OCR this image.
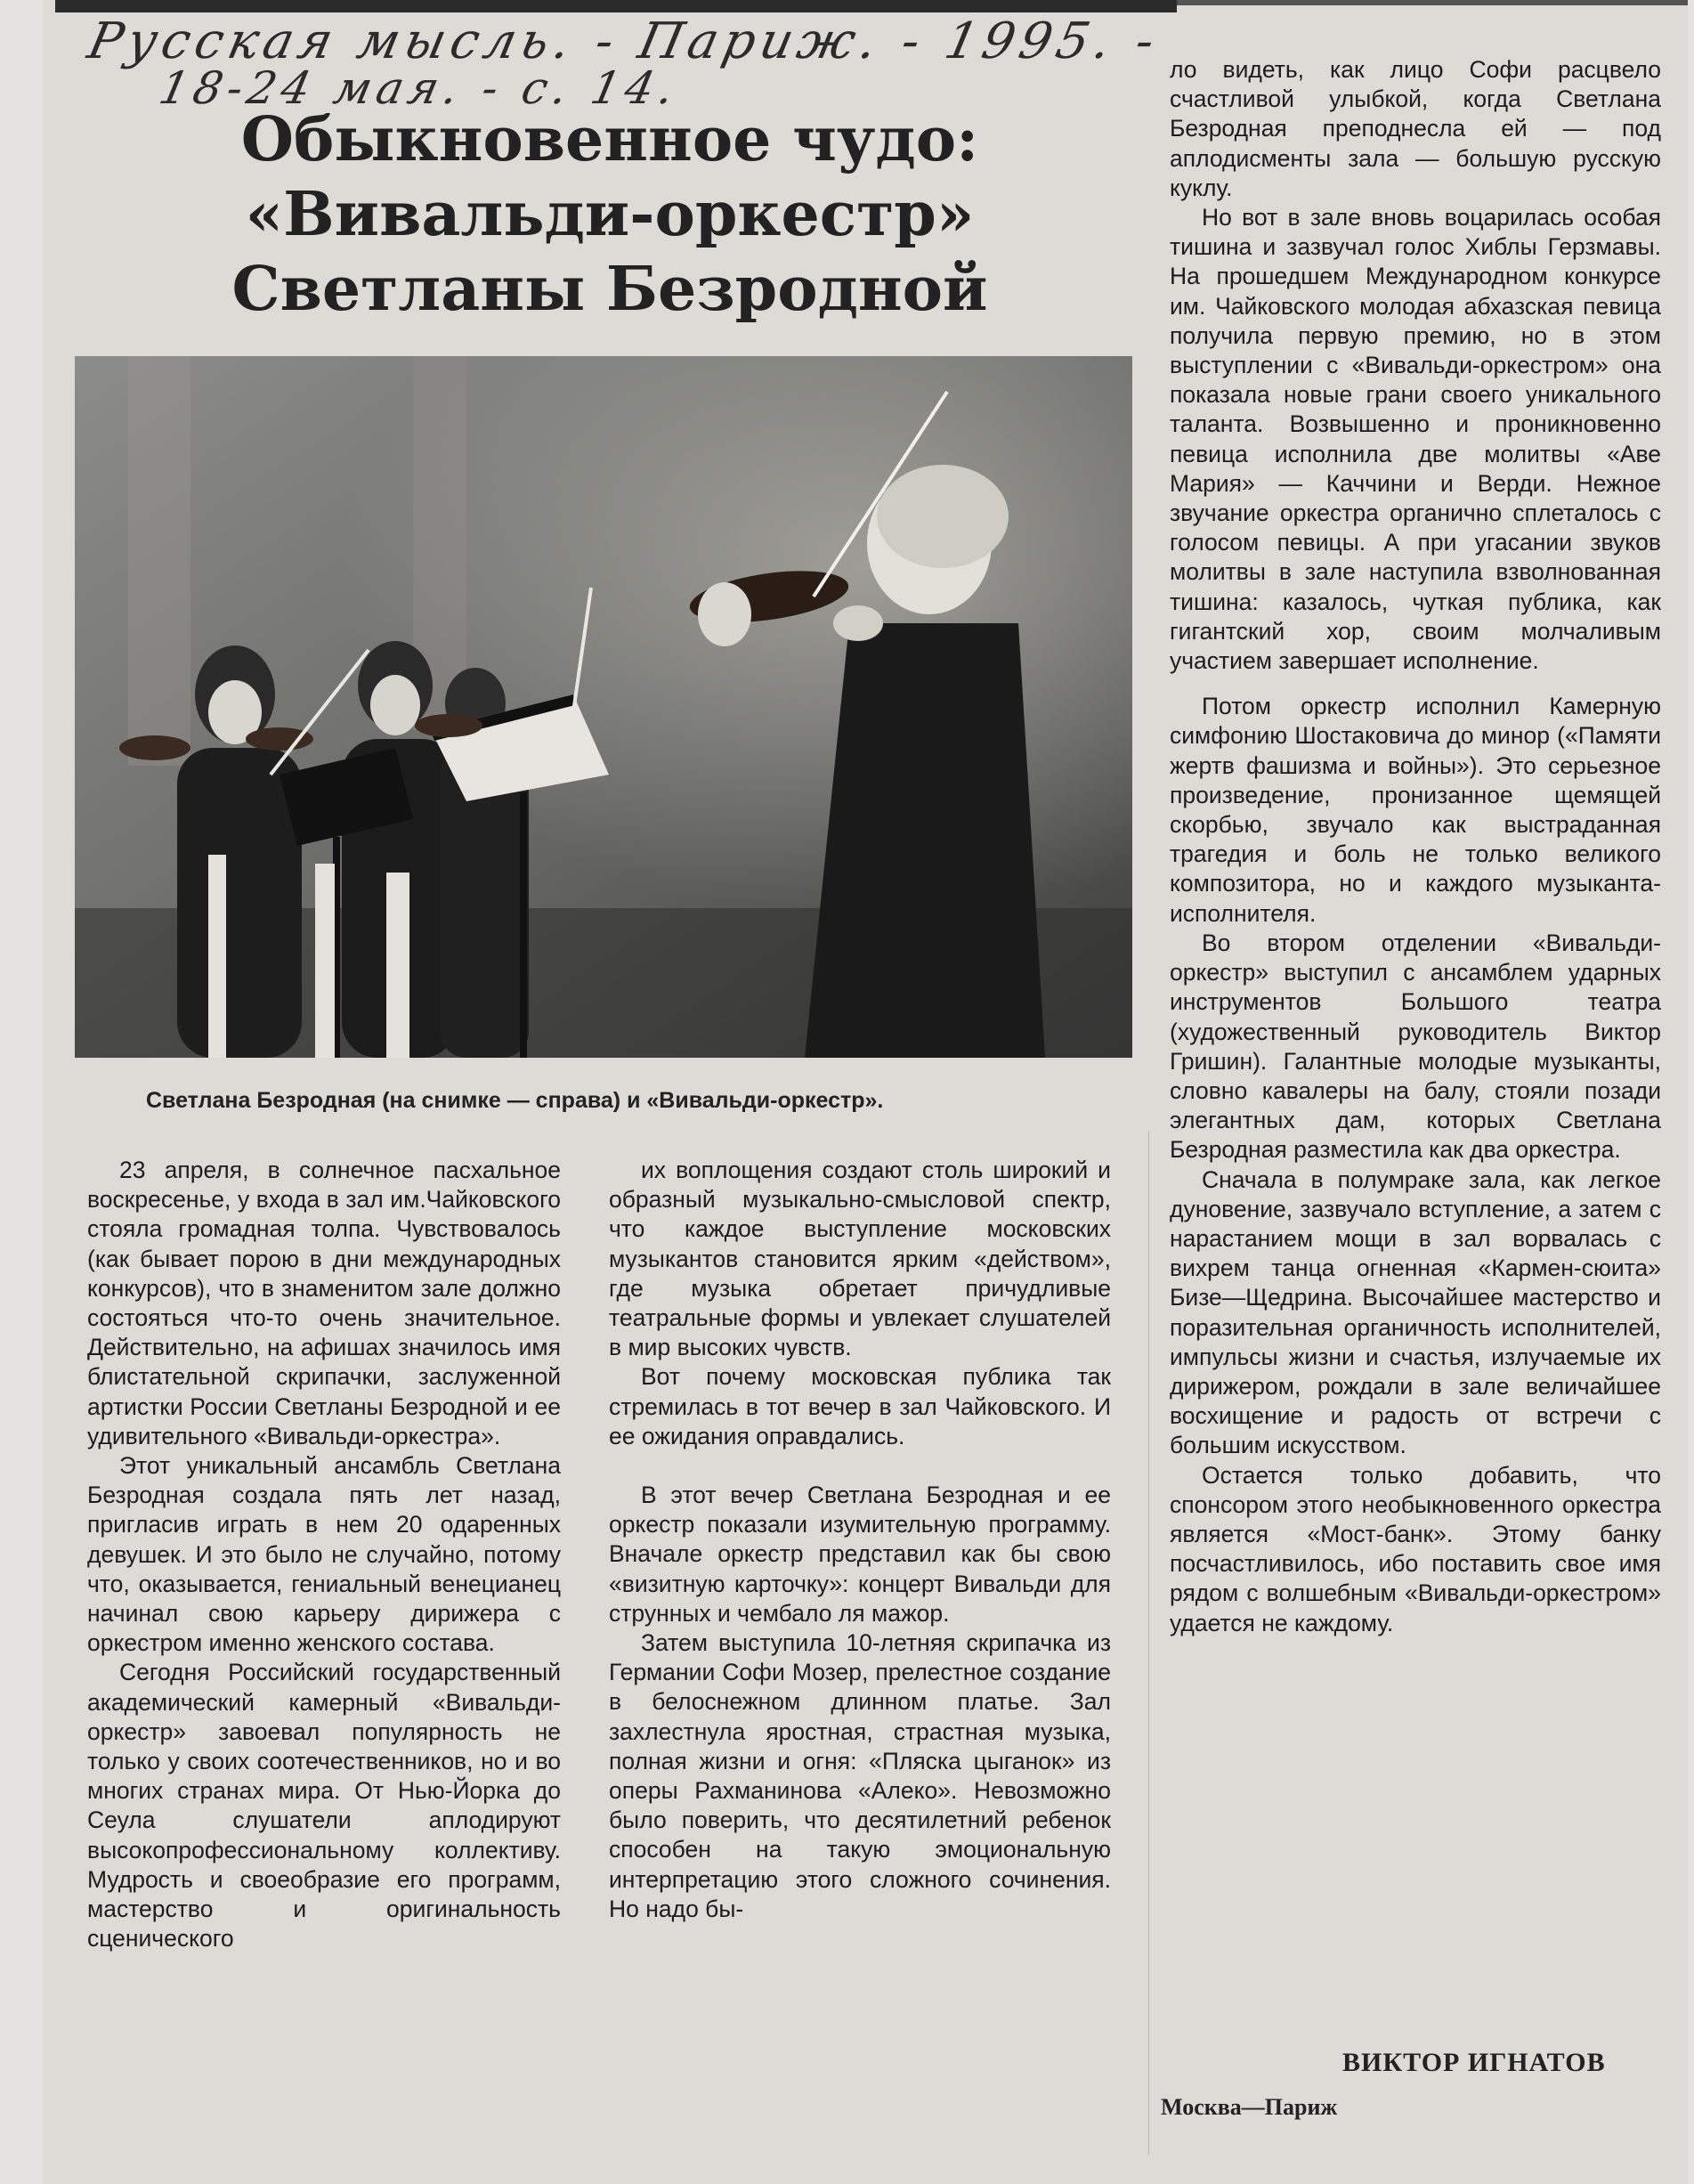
Русская мысль. - Париж. - 1995. -
18-24 мая. - с. 14.
Обыкновенное чудо:
«Вивальди-оркестр»
Светланы Безродной
Светлана Безродная (на снимке — справа) и «Вивальди-оркестр».

23 апреля, в солнечное пасхальное воскресенье, у входа в зал им.Чайковского стояла громадная толпа. Чувствовалось (как бывает порою в дни международных конкурсов), что в знаменитом зале должно состояться что-то очень значительное. Действительно, на афишах значилось имя блистательной скрипачки, заслуженной артистки России Светланы Безродной и ее удивительного «Вивальди-оркестра».

Этот уникальный ансамбль Светлана Безродная создала пять лет назад, пригласив играть в нем 20 одаренных девушек. И это было не случайно, потому что, оказывается, гениальный венецианец начинал свою карьеру дирижера с оркестром именно женского состава.

Сегодня Российский государственный академический камерный «Вивальди-оркестр» завоевал популярность не только у своих соотечественников, но и во многих странах мира. От Нью-Йорка до Сеула слушатели аплодируют высокопрофессиональному коллективу. Мудрость и своеобразие его программ, мастерство и оригинальность сценического

их воплощения создают столь широкий и образный музыкально-смысловой спектр, что каждое выступление московских музыкантов становится ярким «действом», где музыка обретает причудливые театральные формы и увлекает слушателей в мир высоких чувств.

Вот почему московская публика так стремилась в тот вечер в зал Чайковского. И ее ожидания оправдались.

В этот вечер Светлана Безродная и ее оркестр показали изумительную программу. Вначале оркестр представил как бы свою «визитную карточку»: концерт Вивальди для струнных и чембало ля мажор.

Затем выступила 10-летняя скрипачка из Германии Софи Мозер, прелестное создание в белоснежном длинном платье. Зал захлестнула яростная, страстная музыка, полная жизни и огня: «Пляска цыганок» из оперы Рахманинова «Алеко». Невозможно было поверить, что десятилетний ребенок способен на такую эмоциональную интерпретацию этого сложного сочинения. Но надо бы-

ло видеть, как лицо Софи расцвело счастливой улыбкой, когда Светлана Безродная преподнесла ей — под аплодисменты зала — большую русскую куклу.

Но вот в зале вновь воцарилась особая тишина и зазвучал голос Хиблы Герзмавы. На прошедшем Международном конкурсе им. Чайковского молодая абхазская певица получила первую премию, но в этом выступлении с «Вивальди-оркестром» она показала новые грани своего уникального таланта. Возвышенно и проникновенно певица исполнила две молитвы «Аве Мария» — Каччини и Верди. Нежное звучание оркестра органично сплеталось с голосом певицы. А при угасании звуков молитвы в зале наступила взволнованная тишина: казалось, чуткая публика, как гигантский хор, своим молчаливым участием завершает исполнение.

Потом оркестр исполнил Камерную симфонию Шостаковича до минор («Памяти жертв фашизма и войны»). Это серьезное произведение, пронизанное щемящей скорбью, звучало как выстраданная трагедия и боль не только великого композитора, но и каждого музыканта-исполнителя.

Во втором отделении «Вивальди-оркестр» выступил с ансамблем ударных инструментов Большого театра (художественный руководитель Виктор Гришин). Галантные молодые музыканты, словно кавалеры на балу, стояли позади элегантных дам, которых Светлана Безродная разместила как два оркестра.

Сначала в полумраке зала, как легкое дуновение, зазвучало вступление, а затем с нарастанием мощи в зал ворвалась с вихрем танца огненная «Кармен-сюита» Бизе—Щедрина. Высочайшее мастерство и поразительная органичность исполнителей, импульсы жизни и счастья, излучаемые их дирижером, рождали в зале величайшее восхищение и радость от встречи с большим искусством.

Остается только добавить, что спонсором этого необыкновенного оркестра является «Мост-банк». Этому банку посчастливилось, ибо поставить свое имя рядом с волшебным «Вивальди-оркестром» удается не каждому.

ВИКТОР ИГНАТОВ
Москва—Париж
